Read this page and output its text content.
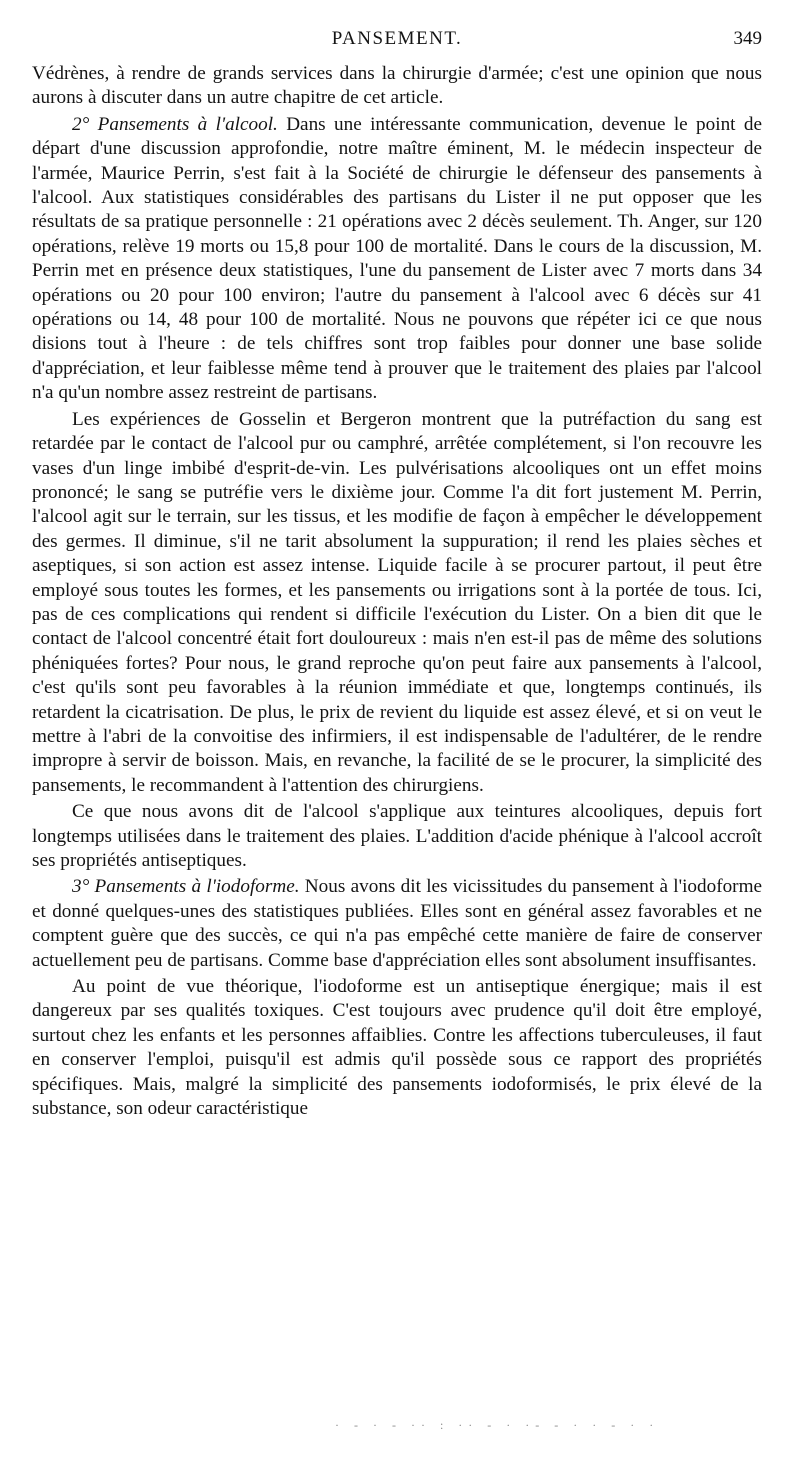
PANSEMENT.	349

Védrènes, à rendre de grands services dans la chirurgie d'armée; c'est une opinion que nous aurons à discuter dans un autre chapitre de cet article.

2° Pansements à l'alcool. Dans une intéressante communication, devenue le point de départ d'une discussion approfondie, notre maître éminent, M. le médecin inspecteur de l'armée, Maurice Perrin, s'est fait à la Société de chirurgie le défenseur des pansements à l'alcool. Aux statistiques considérables des partisans du Lister il ne put opposer que les résultats de sa pratique personnelle : 21 opérations avec 2 décès seulement. Th. Anger, sur 120 opérations, relève 19 morts ou 15,8 pour 100 de mortalité. Dans le cours de la discussion, M. Perrin met en présence deux statistiques, l'une du pansement de Lister avec 7 morts dans 34 opérations ou 20 pour 100 environ; l'autre du pansement à l'alcool avec 6 décès sur 41 opérations ou 14, 48 pour 100 de mortalité. Nous ne pouvons que répéter ici ce que nous disions tout à l'heure : de tels chiffres sont trop faibles pour donner une base solide d'appréciation, et leur faiblesse même tend à prouver que le traitement des plaies par l'alcool n'a qu'un nombre assez restreint de partisans.

Les expériences de Gosselin et Bergeron montrent que la putréfaction du sang est retardée par le contact de l'alcool pur ou camphré, arrêtée complétement, si l'on recouvre les vases d'un linge imbibé d'esprit-de-vin. Les pulvérisations alcooliques ont un effet moins prononcé; le sang se putréfie vers le dixième jour. Comme l'a dit fort justement M. Perrin, l'alcool agit sur le terrain, sur les tissus, et les modifie de façon à empêcher le développement des germes. Il diminue, s'il ne tarit absolument la suppuration; il rend les plaies sèches et aseptiques, si son action est assez intense. Liquide facile à se procurer partout, il peut être employé sous toutes les formes, et les pansements ou irrigations sont à la portée de tous. Ici, pas de ces complications qui rendent si difficile l'exécution du Lister. On a bien dit que le contact de l'alcool concentré était fort douloureux : mais n'en est-il pas de même des solutions phéniquées fortes? Pour nous, le grand reproche qu'on peut faire aux pansements à l'alcool, c'est qu'ils sont peu favorables à la réunion immédiate et que, longtemps continués, ils retardent la cicatrisation. De plus, le prix de revient du liquide est assez élevé, et si on veut le mettre à l'abri de la convoitise des infirmiers, il est indispensable de l'adultérer, de le rendre impropre à servir de boisson. Mais, en revanche, la facilité de se le procurer, la simplicité des pansements, le recommandent à l'attention des chirurgiens.

Ce que nous avons dit de l'alcool s'applique aux teintures alcooliques, depuis fort longtemps utilisées dans le traitement des plaies. L'addition d'acide phénique à l'alcool accroît ses propriétés antiseptiques.

3° Pansements à l'iodoforme. Nous avons dit les vicissitudes du pansement à l'iodoforme et donné quelques-unes des statistiques publiées. Elles sont en général assez favorables et ne comptent guère que des succès, ce qui n'a pas empêché cette manière de faire de conserver actuellement peu de partisans. Comme base d'appréciation elles sont absolument insuffisantes.

Au point de vue théorique, l'iodoforme est un antiseptique énergique; mais il est dangereux par ses qualités toxiques. C'est toujours avec prudence qu'il doit être employé, surtout chez les enfants et les personnes affaiblies. Contre les affections tuberculeuses, il faut en conserver l'emploi, puisqu'il est admis qu'il possède sous ce rapport des propriétés spécifiques. Mais, malgré la simplicité des pansements iodoformisés, le prix élevé de la substance, son odeur caractéristique

· - · - ·· : ·· - · ·- - · · - · ·
